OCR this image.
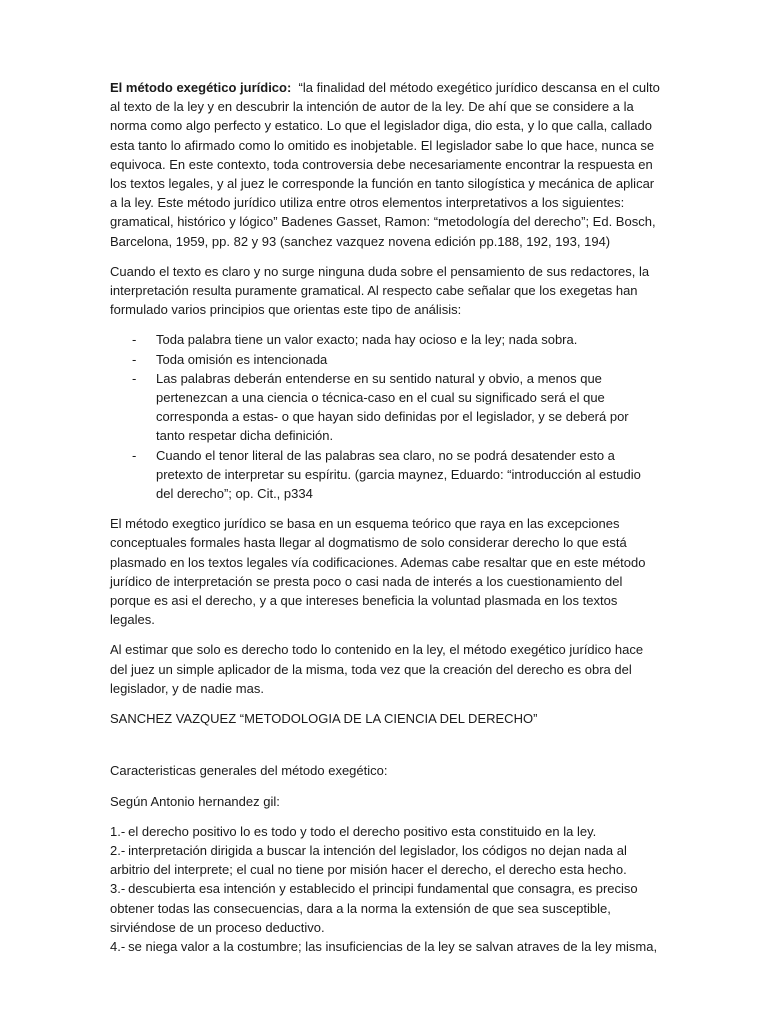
El método exegético jurídico: “la finalidad del método exegético jurídico descansa en el culto al texto de la ley y en descubrir la intención de autor de la ley. De ahí que se considere a la norma como algo perfecto y estatico. Lo que el legislador diga, dio esta, y lo que calla, callado esta tanto lo afirmado como lo omitido es inobjetable. El legislador sabe lo que hace, nunca se equivoca. En este contexto, toda controversia debe necesariamente encontrar la respuesta en los textos legales, y al juez le corresponde la función en tanto silogística y mecánica de aplicar a la ley. Este método jurídico utiliza entre otros elementos interpretativos a los siguientes: gramatical, histórico y lógico” Badenes Gasset, Ramon: “metodología del derecho”; Ed. Bosch, Barcelona, 1959, pp. 82 y 93 (sanchez vazquez novena edición pp.188, 192, 193, 194)

Cuando el texto es claro y no surge ninguna duda sobre el pensamiento de sus redactores, la interpretación resulta puramente gramatical. Al respecto cabe señalar que los exegetas han formulado varios principios que orientas este tipo de análisis:

- Toda palabra tiene un valor exacto; nada hay ocioso e la ley; nada sobra.
- Toda omisión es intencionada
- Las palabras deberán entenderse en su sentido natural y obvio, a menos que pertenezcan a una ciencia o técnica-caso en el cual su significado será el que corresponda a estas- o que hayan sido definidas por el legislador, y se deberá por tanto respetar dicha definición.
- Cuando el tenor literal de las palabras sea claro, no se podrá desatender esto a pretexto de interpretar su espíritu. (garcia maynez, Eduardo: “introducción al estudio del derecho”; op. Cit., p334

El método exegtico jurídico se basa en un esquema teórico que raya en las excepciones conceptuales formales hasta llegar al dogmatismo de solo considerar derecho lo que está plasmado en los textos legales vía codificaciones. Ademas cabe resaltar que en este método jurídico de interpretación se presta poco o casi nada de interés a los cuestionamiento del porque es asi el derecho, y a que intereses beneficia la voluntad plasmada en los textos legales.

Al estimar que solo es derecho todo lo contenido en la ley, el método exegético jurídico hace del juez un simple aplicador de la misma, toda vez que la creación del derecho es obra del legislador, y de nadie mas.

SANCHEZ VAZQUEZ “METODOLOGIA DE LA CIENCIA DEL DERECHO”

Caracteristicas generales del método exegético:

Según Antonio hernandez gil:

1.- el derecho positivo lo es todo y todo el derecho positivo esta constituido en la ley.

2.- interpretación dirigida a buscar la intención del legislador, los códigos no dejan nada al arbitrio del interprete; el cual no tiene por misión hacer el derecho, el derecho esta hecho.

3.- descubierta esa intención y establecido el principi fundamental que consagra, es preciso obtener todas las consecuencias, dara a la norma la extensión de que sea susceptible, sirviéndose de un proceso deductivo.

4.- se niega valor a la costumbre; las insuficiencias de la ley se salvan atraves de la ley misma,
